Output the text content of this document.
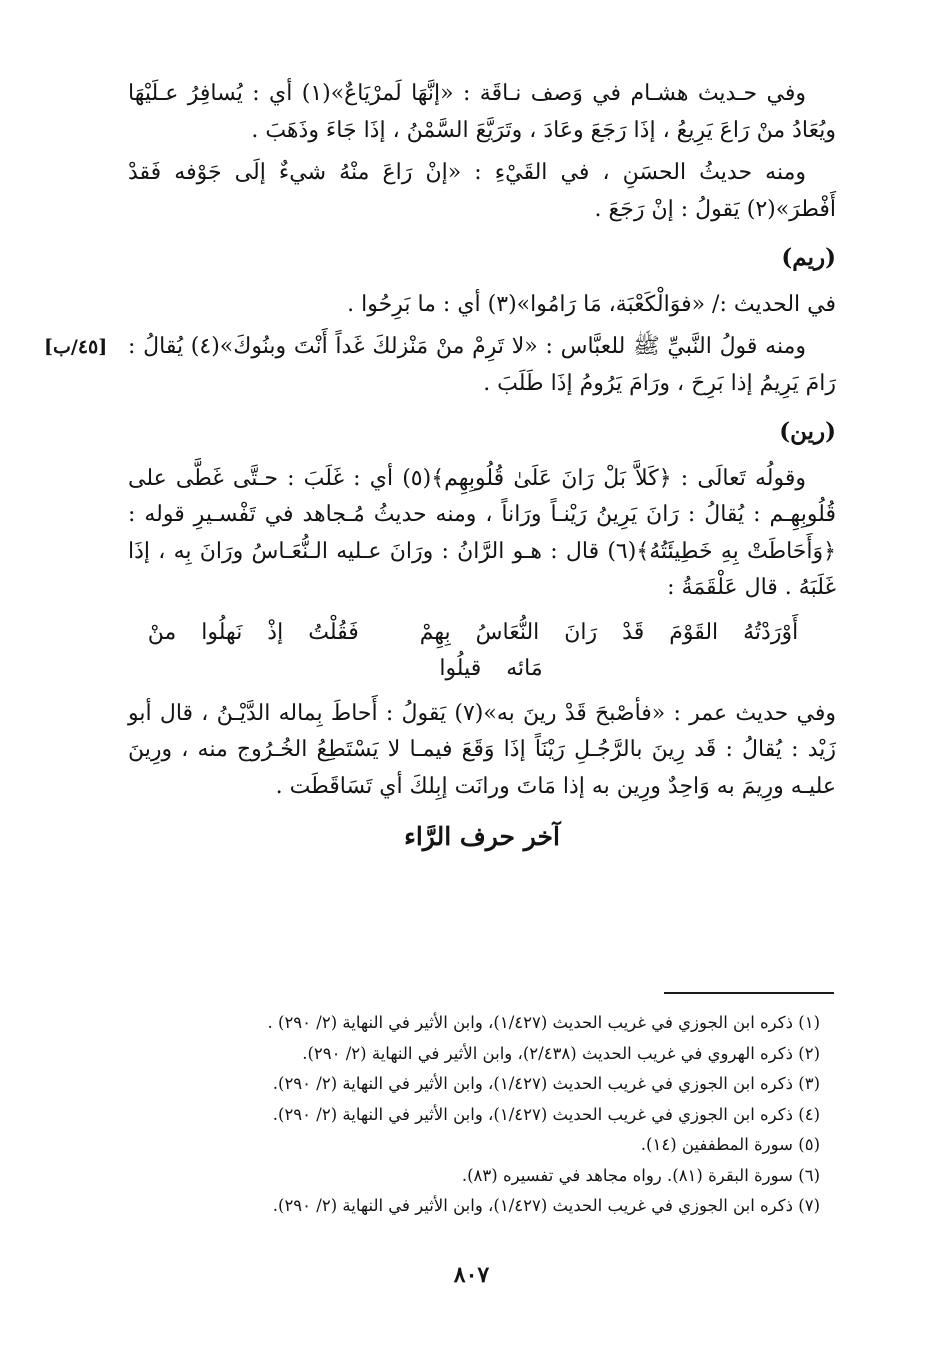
[٤٥/ب]

وفي حـديث هشـام في وَصف نـاقَة : «إنَّهَا لَمرْيَاعٌ»(١) أي : يُسافِرُ عـلَيْهَا ويُعَادُ منْ رَاعَ يَرِيعُ ، إذَا رَجَعَ وعَادَ ، وتَرَيَّعَ السَّمْنُ ، إذَا جَاءَ وذَهَبَ .

ومنه حديثُ الحسَنِ ، في القَيْءِ : «إنْ رَاعَ منْهُ شيءٌ إلَى جَوْفه فَقدْ أَفْطرَ»(٢) يَقولُ : إنْ رَجَعَ .

(ريم)

في الحديث :/ «فوَالْكَعْبَة، مَا رَامُوا»(٣) أي : ما بَرِحُوا .

ومنه قولُ النَّبيِّ ﷺ للعبَّاس : «لا تَرِمْ منْ مَنْزلكَ غَداً أَنْتَ وبنُوكَ»(٤) يُقالُ : رَامَ يَرِيمُ إذا بَرِحَ ، ورَامَ يَرُومُ إذَا طَلَبَ .

(رين)

وقولُه تَعالَى : ﴿كَلاَّ بَلْ رَانَ عَلَىٰ قُلُوبِهِم﴾(٥) أي : غَلَبَ : حـتَّى غَطَّى على قُلُوبِهِـم : يُقالُ : رَانَ يَرِينُ رَيْنـاً ورَاناً ، ومنه حديثُ مُـجاهد في تَفْسـيرِ قوله : ﴿وَأَحَاطَتْ بِهِ خَطِيئَتُهُ﴾(٦) قال : هـو الرَّانُ : ورَانَ عـليه الـنُّعَـاسُ ورَانَ بِه ، إذَا غَلَبَهُ . قال عَلْقَمَةُ :

أَوْرَدْتُهُ القَوْمَ قَدْ رَانَ النُّعَاسُ بِهِمْ فَقُلْتُ إذْ نَهلُوا منْ مَائه قيلُوا

وفي حديث عمر : «فأصْبحَ قَدْ رينَ به»(٧) يَقولُ : أَحاطَ بِماله الدَّيْـنُ ، قال أبو زَيْد : يُقالُ : قَد رِينَ بالرَّجُـلِ رَيْنَاً إذَا وَقَعَ فيمـا لا يَسْتَطِعُ الخُـرُوج منه ، ورِينَ عليـه ورِيمَ به وَاحِدٌ ورِين به إذا مَاتَ ورانَت إبِلكَ أي تَسَاقَطَت .

آخر حرف الرَّاء

(١) ذكره ابن الجوزي في غريب الحديث (١/٤٢٧)، وابن الأثير في النهاية (٢/ ٢٩٠) .
(٢) ذكره الهروي في غريب الحديث (٢/٤٣٨)، وابن الأثير في النهاية (٢/ ٢٩٠).
(٣) ذكره ابن الجوزي في غريب الحديث (١/٤٢٧)، وابن الأثير في النهاية (٢/ ٢٩٠).
(٤) ذكره ابن الجوزي في غريب الحديث (١/٤٢٧)، وابن الأثير في النهاية (٢/ ٢٩٠).
(٥) سورة المطففين (١٤).
(٦) سورة البقرة (٨١). رواه مجاهد في تفسيره (٨٣).
(٧) ذكره ابن الجوزي في غريب الحديث (١/٤٢٧)، وابن الأثير في النهاية (٢/ ٢٩٠).
٨٠٧
